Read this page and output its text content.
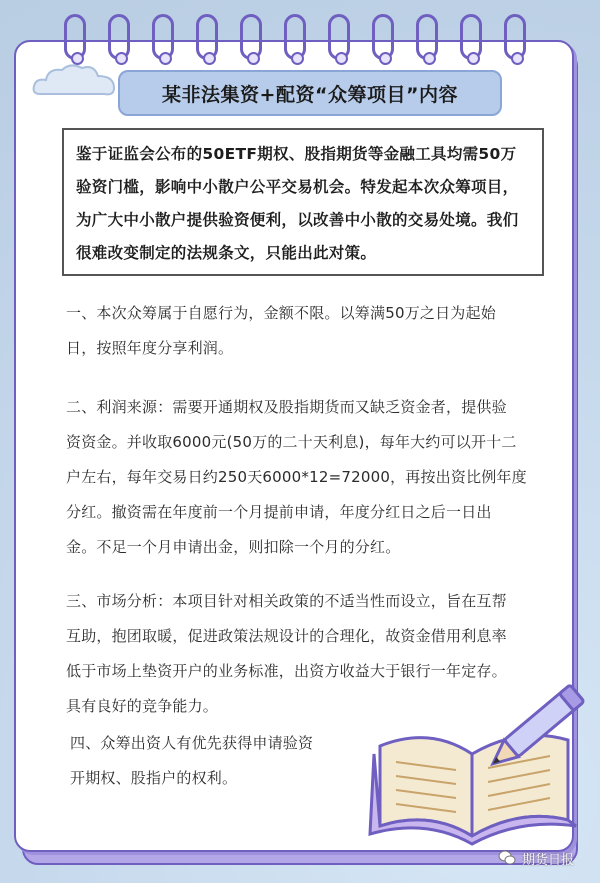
某非法集资+配资“众筹项目”内容

鉴于证监会公布的50ETF期权、股指期货等金融工具均需50万验资门槛，影响中小散户公平交易机会。特发起本次众筹项目，为广大中小散户提供验资便利，以改善中小散的交易处境。我们很难改变制定的法规条文，只能出此对策。

一、本次众筹属于自愿行为，金额不限。以筹满50万之日为起始

日，按照年度分享利润。

二、利润来源：需要开通期权及股指期货而又缺乏资金者，提供验

资资金。并收取6000元(50万的二十天利息)，每年大约可以开十二

户左右，每年交易日约250天6000*12=72000，再按出资比例年度

分红。撤资需在年度前一个月提前申请，年度分红日之后一日出

金。不足一个月申请出金，则扣除一个月的分红。

三、市场分析：本项目针对相关政策的不适当性而设立，旨在互帮

互助，抱团取暖，促进政策法规设计的合理化，故资金借用利息率

低于市场上垫资开户的业务标准，出资方收益大于银行一年定存。

具有良好的竞争能力。

四、众筹出资人有优先获得申请验资

开期权、股指户的权利。

期货日报
